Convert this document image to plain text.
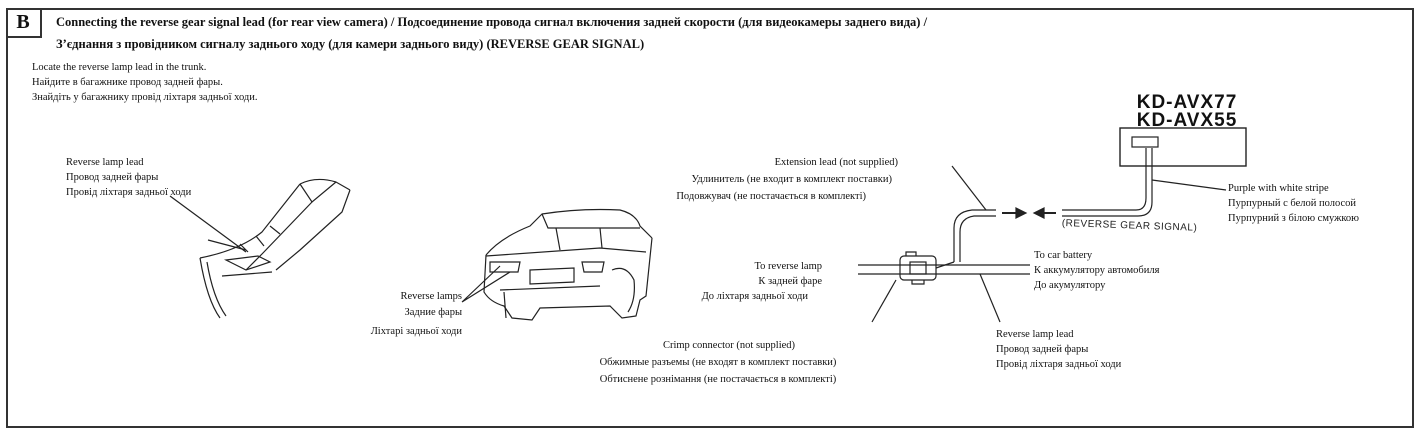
B	Connecting the reverse gear signal lead (for rear view camera) / Подсоединение провода сигнал включения задней скорости (для видеокамеры заднего вида) /
З’єднання з провідником сигналу заднього ходу (для камери заднього виду) (REVERSE GEAR SIGNAL)
Locate the reverse lamp lead in the trunk.
Найдите в багажнике провод задней фары.
Знайдіть у багажнику провід ліхтаря задньої ходи.
Reverse lamp lead
Провод задней фары
Провід ліхтаря задньої ходи
Reverse lamps
Задние фары
Ліхтарі задньої ходи
Extension lead (not supplied)
Удлинитель (не входит в комплект поставки)
Подовжувач (не постачається в комплекті)
To reverse lamp
К задней фаре
До ліхтаря задньої ходи
Crimp connector (not supplied)
Обжимные разъемы (не входят в комплект поставки)
Обтиснене рознімання (не постачається в комплекті)
To car battery
К аккумулятору автомобиля
До акумулятору
Reverse lamp lead
Провод задней фары
Провід ліхтаря задньої ходи
Purple with white stripe
Пурпурный с белой полосой
Пурпурний з білою смужкою
KD-AVX77
KD-AVX55
(REVERSE GEAR SIGNAL)
